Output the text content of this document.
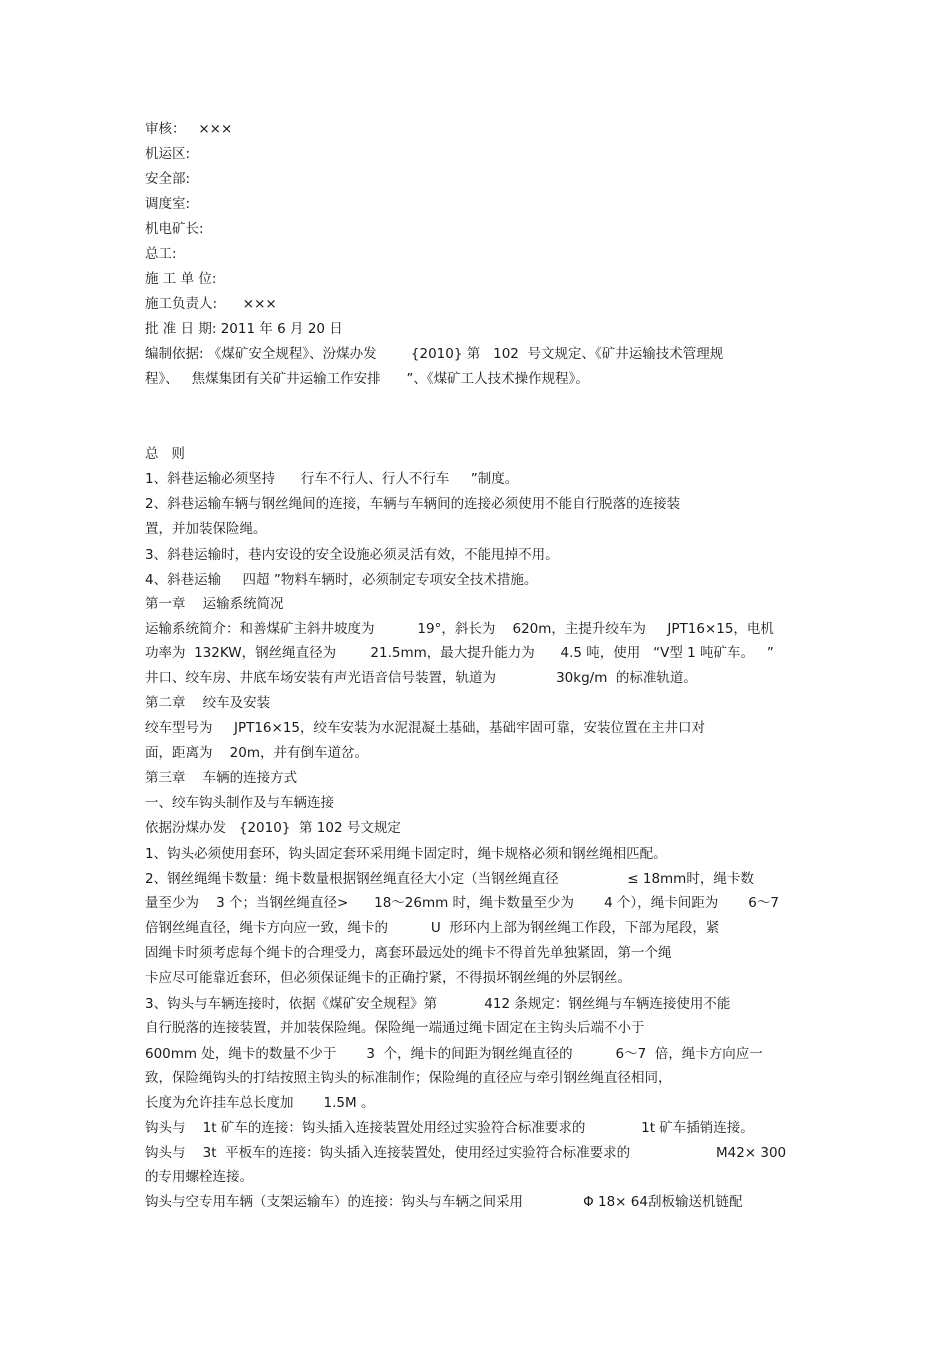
审核：   ×××

机运区:

安全部:

调度室:

机电矿长:

总工:

施 工 单 位:

施工负责人:      ×××

批 准 日 期: 2011 年 6 月 20 日

编制依据: 《煤矿安全规程》、汾煤办发        {2010} 第   102  号文规定、《矿井运输技术管理规

程》、   焦煤集团有关矿井运输工作安排      ”、《煤矿工人技术操作规程》。

总   则

1、斜巷运输必须坚持      行车不行人、行人不行车     ”制度。

2、斜巷运输车辆与钢丝绳间的连接，车辆与车辆间的连接必须使用不能自行脱落的连接装

置，并加装保险绳。

3、斜巷运输时，巷内安设的安全设施必须灵活有效，不能甩掉不用。

4、斜巷运输     四超 ”物料车辆时，必须制定专项安全技术措施。

第一章    运输系统简况

运输系统简介：和善煤矿主斜井坡度为          19°，斜长为    620m，主提升绞车为     JPT16×15，电机

功率为  132KW，钢丝绳直径为        21.5mm，最大提升能力为      4.5 吨，使用   “V型 1 吨矿车。   ”

井口、绞车房、井底车场安装有声光语音信号装置，轨道为              30kg/m  的标准轨道。

第二章    绞车及安装

绞车型号为     JPT16×15，绞车安装为水泥混凝土基础，基础牢固可靠，安装位置在主井口对

面，距离为    20m，并有倒车道岔。

第三章    车辆的连接方式

一、绞车钩头制作及与车辆连接

依据汾煤办发   {2010}  第 102 号文规定

1、钩头必须使用套环，钩头固定套环采用绳卡固定时，绳卡规格必须和钢丝绳相匹配。

2、钢丝绳绳卡数量：绳卡数量根据钢丝绳直径大小定（当钢丝绳直径                ≤ 18mm时，绳卡数

量至少为    3 个；当钢丝绳直径>      18～26mm 时，绳卡数量至少为       4 个），绳卡间距为       6～7

倍钢丝绳直径，绳卡方向应一致，绳卡的          U  形环内上部为钢丝绳工作段，下部为尾段，紧

固绳卡时须考虑每个绳卡的合理受力，离套环最远处的绳卡不得首先单独紧固，第一个绳

卡应尽可能靠近套环，但必须保证绳卡的正确拧紧，不得损坏钢丝绳的外层钢丝。

3、钩头与车辆连接时，依据《煤矿安全规程》第           412 条规定：钢丝绳与车辆连接使用不能

自行脱落的连接装置，并加装保险绳。保险绳一端通过绳卡固定在主钩头后端不小于

600mm 处，绳卡的数量不少于       3  个，绳卡的间距为钢丝绳直径的          6～7  倍，绳卡方向应一

致，保险绳钩头的打结按照主钩头的标准制作；保险绳的直径应与牵引钢丝绳直径相同，

长度为允许挂车总长度加       1.5M 。

钩头与    1t 矿车的连接：钩头插入连接装置处用经过实验符合标准要求的             1t 矿车插销连接。

钩头与    3t  平板车的连接：钩头插入连接装置处，使用经过实验符合标准要求的                    M42× 300

的专用螺栓连接。

钩头与空专用车辆（支架运输车）的连接：钩头与车辆之间采用              Φ 18× 64刮板输送机链配
